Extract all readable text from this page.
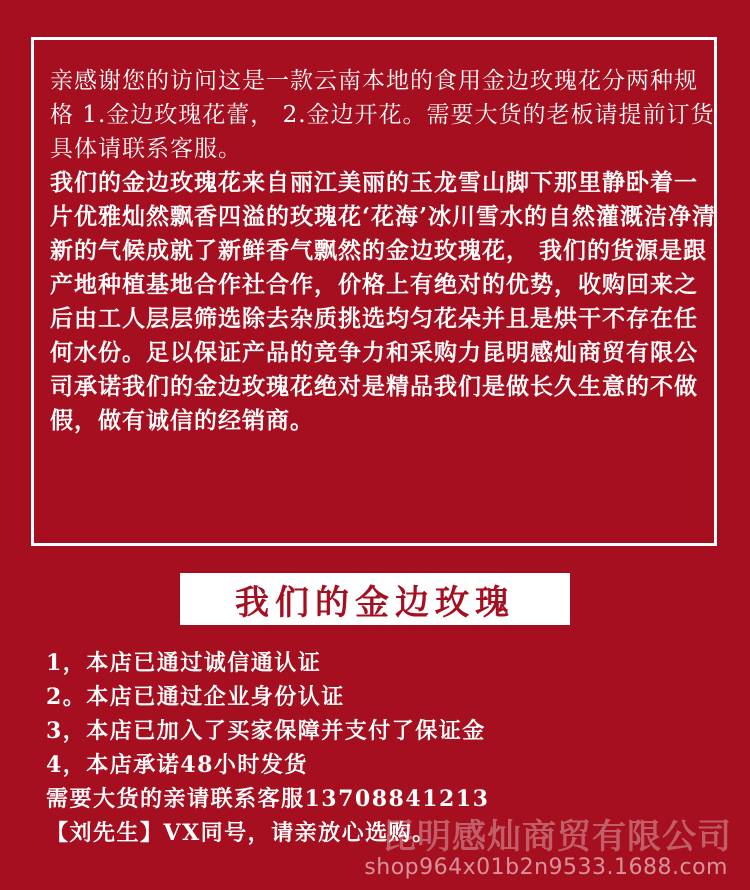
亲感谢您的访问这是一款云南本地的食用金边玫瑰花分两种规格 1.金边玫瑰花蕾， 2.金边开花。需要大货的老板请提前订货具体请联系客服。

我们的金边玫瑰花来自丽江美丽的玉龙雪山脚下那里静卧着一片优雅灿然飘香四溢的玫瑰花‘花海’冰川雪水的自然灌溉洁净清新的气候成就了新鲜香气飘然的金边玫瑰花， 我们的货源是跟产地种植基地合作社合作，价格上有绝对的优势，收购回来之后由工人层层筛选除去杂质挑选均匀花朵并且是烘干不存在任何水份。足以保证产品的竞争力和采购力昆明感灿商贸有限公司承诺我们的金边玫瑰花绝对是精品我们是做长久生意的不做假，做有诚信的经销商。

我们的金边玫瑰
1，本店已通过诚信通认证
2。本店已通过企业身份认证
3，本店已加入了买家保障并支付了保证金
4，本店承诺48小时发货
需要大货的亲请联系客服13708841213
【刘先生】VX同号，请亲放心选购。
昆明感灿商贸有限公司
shop964x01b2n9533.1688.com
